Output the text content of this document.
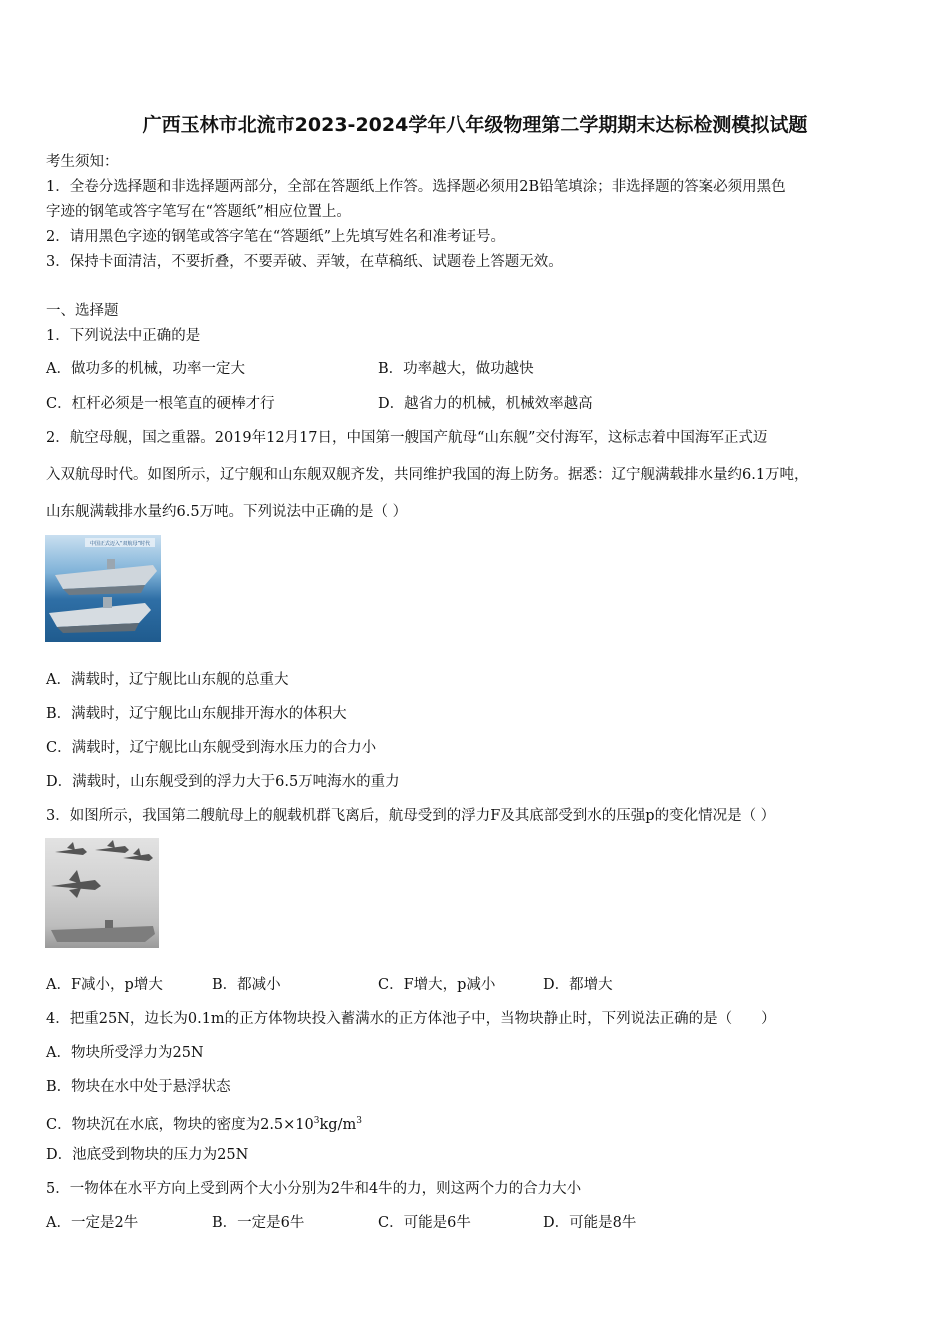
广西玉林市北流市2023-2024学年八年级物理第二学期期末达标检测模拟试题
考生须知：
1．全卷分选择题和非选择题两部分，全部在答题纸上作答。选择题必须用2B铅笔填涂；非选择题的答案必须用黑色
字迹的钢笔或答字笔写在“答题纸”相应位置上。
2．请用黑色字迹的钢笔或答字笔在“答题纸”上先填写姓名和准考证号。
3．保持卡面清洁，不要折叠，不要弄破、弄皱，在草稿纸、试题卷上答题无效。
一、选择题
1．下列说法中正确的是
A．做功多的机械，功率一定大	B．功率越大，做功越快
C．杠杆必须是一根笔直的硬棒才行	D．越省力的机械，机械效率越高
2．航空母舰，国之重器。2019年12月17日，中国第一艘国产航母“山东舰”交付海军，这标志着中国海军正式迈
入双航母时代。如图所示，辽宁舰和山东舰双舰齐发，共同维护我国的海上防务。据悉：辽宁舰满载排水量约6.1万吨，
山东舰满载排水量约6.5万吨。下列说法中正确的是（ ）
中国正式迈入“双航母”时代
A．满载时，辽宁舰比山东舰的总重大
B．满载时，辽宁舰比山东舰排开海水的体积大
C．满载时，辽宁舰比山东舰受到海水压力的合力小
D．满载时，山东舰受到的浮力大于6.5万吨海水的重力
3．如图所示，我国第二艘航母上的舰载机群飞离后，航母受到的浮力F及其底部受到水的压强p的变化情况是（ ）
A．F减小，p增大	B．都减小	C．F增大，p减小	D．都增大
4．把重25N，边长为0.1m的正方体物块投入蓄满水的正方体池子中，当物块静止时，下列说法正确的是（　　）
A．物块所受浮力为25N
B．物块在水中处于悬浮状态
C．物块沉在水底，物块的密度为$2.5\times 10^3kg/m^3$
D．池底受到物块的压力为25N
5．一物体在水平方向上受到两个大小分别为2牛和4牛的力，则这两个力的合力大小
A．一定是2牛	B．一定是6牛	C．可能是6牛	D．可能是8牛
